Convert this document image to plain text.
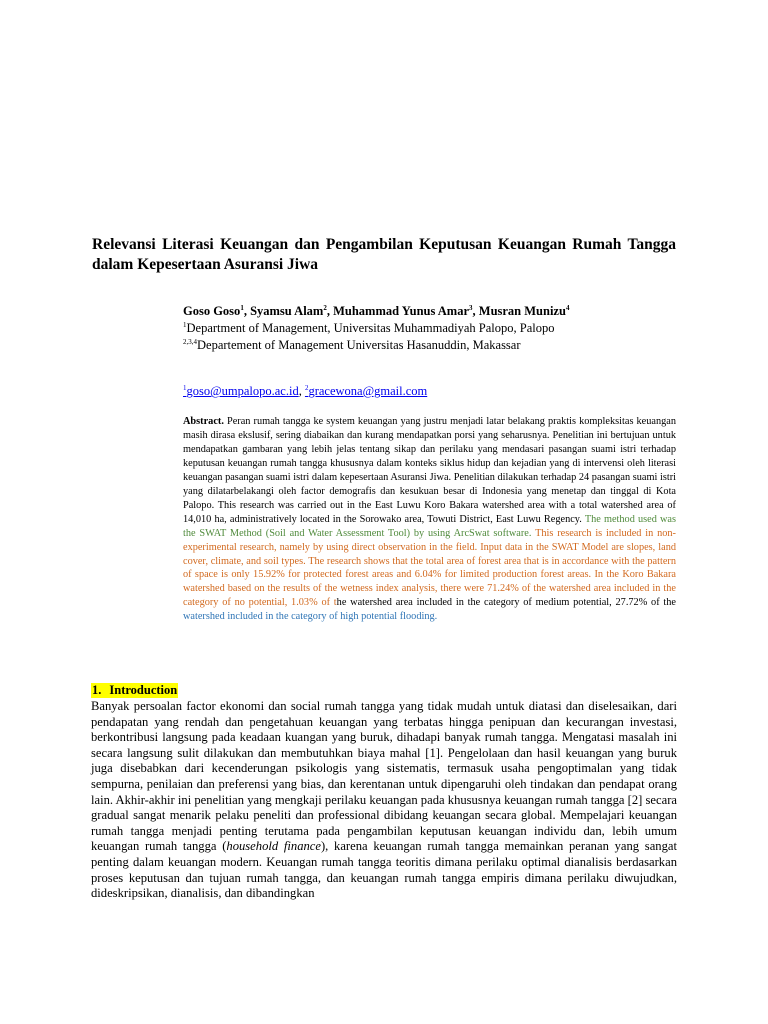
Relevansi Literasi Keuangan dan Pengambilan Keputusan Keuangan Rumah Tangga dalam Kepesertaan Asuransi Jiwa
Goso Goso$^1$, Syamsu Alam$^2$, Muhammad Yunus Amar$^3$, Musran Munizu$^4$
$^1$Department of Management, Universitas Muhammadiyah Palopo, Palopo
$^{2,3,4}$Departement of Management Universitas Hasanuddin, Makassar
$^1$goso@umpalopo.ac.id, $^2$gracewona@gmail.com

Abstract. Peran rumah tangga ke system keuangan yang justru menjadi latar belakang praktis kompleksitas keuangan masih dirasa ekslusif, sering diabaikan dan kurang mendapatkan porsi yang seharusnya. Penelitian ini bertujuan untuk mendapatkan gambaran yang lebih jelas tentang sikap dan perilaku yang mendasari pasangan suami istri terhadap keputusan keuangan rumah tangga khususnya dalam konteks siklus hidup dan kejadian yang di intervensi oleh literasi keuangan pasangan suami istri dalam kepesertaan Asuransi Jiwa. Penelitian dilakukan terhadap 24 pasangan suami istri yang dilatarbelakangi oleh factor demografis dan kesukuan besar di Indonesia yang menetap dan tinggal di Kota Palopo. This research was carried out in the East Luwu Koro Bakara watershed area with a total watershed area of 14,010 ha, administratively located in the Sorowako area, Towuti District, East Luwu Regency. The method used was the SWAT Method (Soil and Water Assessment Tool) by using ArcSwat software. This research is included in non-experimental research, namely by using direct observation in the field. Input data in the SWAT Model are slopes, land cover, climate, and soil types. The research shows that the total area of forest area that is in accordance with the pattern of space is only 15.92% for protected forest areas and 6.04% for limited production forest areas. In the Koro Bakara watershed based on the results of the wetness index analysis, there were 71.24% of the watershed area included in the category of no potential, 1.03% of the watershed area included in the category of medium potential, 27.72% of the watershed included in the category of high potential flooding.

1. Introduction

Banyak persoalan factor ekonomi dan social rumah tangga yang tidak mudah untuk diatasi dan diselesaikan, dari pendapatan yang rendah dan pengetahuan keuangan yang terbatas hingga penipuan dan kecurangan investasi, berkontribusi langsung pada keadaan kuangan yang buruk, dihadapi banyak rumah tangga. Mengatasi masalah ini secara langsung sulit dilakukan dan membutuhkan biaya mahal [1]. Pengelolaan dan hasil keuangan yang buruk juga disebabkan dari kecenderungan psikologis yang sistematis, termasuk usaha pengoptimalan yang tidak sempurna, penilaian dan preferensi yang bias, dan kerentanan untuk dipengaruhi oleh tindakan dan pendapat orang lain. Akhir-akhir ini penelitian yang mengkaji perilaku keuangan pada khususnya keuangan rumah tangga [2] secara gradual sangat menarik pelaku peneliti dan professional dibidang keuangan secara global. Mempelajari keuangan rumah tangga menjadi penting terutama pada pengambilan keputusan keuangan individu dan, lebih umum keuangan rumah tangga (household finance), karena keuangan rumah tangga memainkan peranan yang sangat penting dalam keuangan modern. Keuangan rumah tangga teoritis dimana perilaku optimal dianalisis berdasarkan proses keputusan dan tujuan rumah tangga, dan keuangan rumah tangga empiris dimana perilaku diwujudkan, dideskripsikan, dianalisis, dan dibandingkan
